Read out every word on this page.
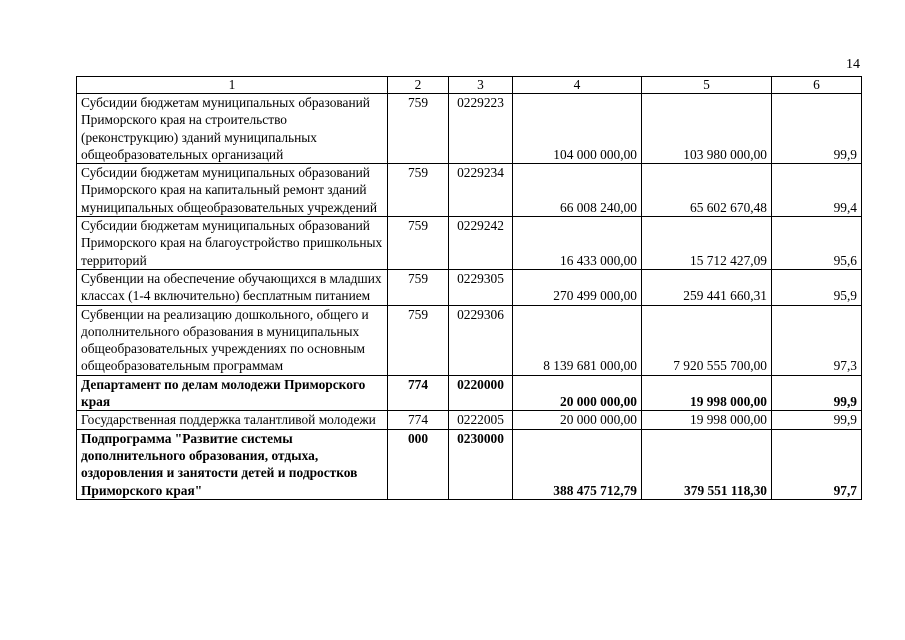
14
1	2	3	4	5	6
Субсидии бюджетам муниципальных образований Приморского края на строительство (реконструкцию) зданий муниципальных общеобразовательных организаций	759	0229223	104 000 000,00	103 980 000,00	99,9
Субсидии бюджетам муниципальных образований Приморского края на капитальный ремонт зданий муниципальных общеобразовательных учреждений	759	0229234	66 008 240,00	65 602 670,48	99,4
Субсидии бюджетам муниципальных образований Приморского края на благоустройство пришкольных территорий	759	0229242	16 433 000,00	15 712 427,09	95,6
Субвенции на обеспечение обучающихся в младших классах (1-4 включительно) бесплатным питанием	759	0229305	270 499 000,00	259 441 660,31	95,9
Субвенции на реализацию дошкольного, общего и дополнительного образования в муниципальных общеобразовательных учреждениях по основным общеобразовательным программам	759	0229306	8 139 681 000,00	7 920 555 700,00	97,3
Департамент по делам молодежи Приморского края	774	0220000	20 000 000,00	19 998 000,00	99,9
Государственная поддержка талантливой молодежи	774	0222005	20 000 000,00	19 998 000,00	99,9
Подпрограмма "Развитие системы дополнительного образования, отдыха, оздоровления и занятости детей и подростков Приморского края"	000	0230000	388 475 712,79	379 551 118,30	97,7
